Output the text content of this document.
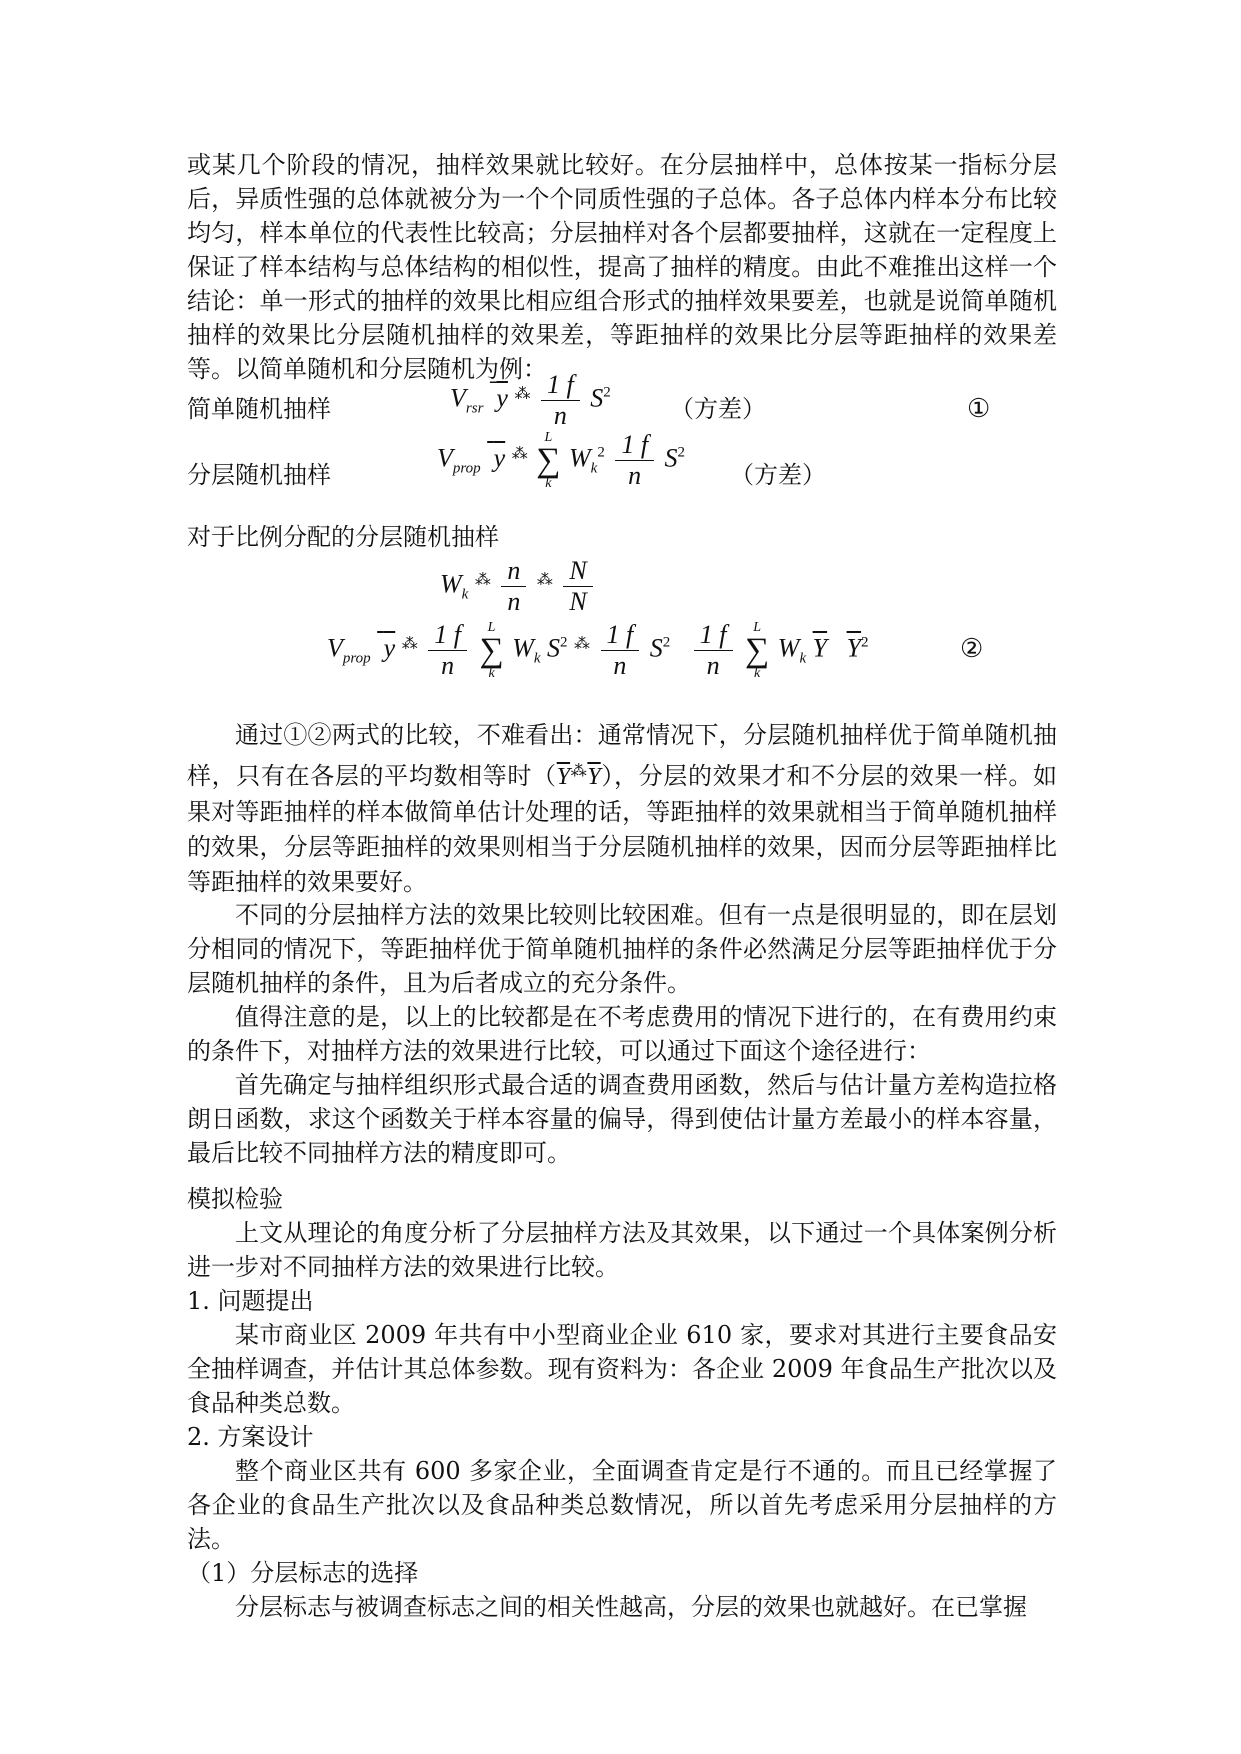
或某几个阶段的情况，抽样效果就比较好。在分层抽样中，总体按某一指标分层后，异质性强的总体就被分为一个个同质性强的子总体。各子总体内样本分布比较均匀，样本单位的代表性比较高；分层抽样对各个层都要抽样，这就在一定程度上保证了样本结构与总体结构的相似性，提高了抽样的精度。由此不难推出这样一个结论：单一形式的抽样的效果比相应组合形式的抽样效果要差，也就是说简单随机抽样的效果比分层随机抽样的效果差，等距抽样的效果比分层等距抽样的效果差等。以简单随机和分层随机为例：

简单随机抽样	$V_{rsr}$ y $^⁂ \frac{1 f}{n} S^2$
（方差）	①
分层随机抽样
$V_{prop}$ y ⁂
L
∑
k
$W_k^2 \frac{1 f}{n} S^2$
（方差）
对于比例分配的分层随机抽样
$W_k$ $^⁂ \frac{n}{n} ^⁂ \frac{N}{N}$
$V_{prop}$ y $^⁂ \frac{1 f}{n}$
	L
∑
k
$W_k$ $S^2$ $^⁂ \frac{1 f}{n} S^2 \frac{1 f}{n}$
	L
∑
k
$W_k$ $\overline{Y}$ $\overline{Y}^2$	②

通过①②两式的比较，不难看出：通常情况下，分层随机抽样优于简单随机抽样，只有在各层的平均数相等时$(\overline{Y}^⁂\overline{Y})$，分层的效果才和不分层的效果一样。如果对等距抽样的样本做简单估计处理的话，等距抽样的效果就相当于简单随机抽样的效果，分层等距抽样的效果则相当于分层随机抽样的效果，因而分层等距抽样比等距抽样的效果要好。

不同的分层抽样方法的效果比较则比较困难。但有一点是很明显的，即在层划分相同的情况下，等距抽样优于简单随机抽样的条件必然满足分层等距抽样优于分层随机抽样的条件，且为后者成立的充分条件。

值得注意的是，以上的比较都是在不考虑费用的情况下进行的，在有费用约束的条件下，对抽样方法的效果进行比较，可以通过下面这个途径进行：

首先确定与抽样组织形式最合适的调查费用函数，然后与估计量方差构造拉格朗日函数，求这个函数关于样本容量的偏导，得到使估计量方差最小的样本容量，最后比较不同抽样方法的精度即可。

模拟检验

上文从理论的角度分析了分层抽样方法及其效果，以下通过一个具体案例分析进一步对不同抽样方法的效果进行比较。

1. 问题提出

某市商业区 2009 年共有中小型商业企业 610 家，要求对其进行主要食品安全抽样调查，并估计其总体参数。现有资料为：各企业 2009 年食品生产批次以及食品种类总数。

2. 方案设计

整个商业区共有 600 多家企业，全面调查肯定是行不通的。而且已经掌握了各企业的食品生产批次以及食品种类总数情况，所以首先考虑采用分层抽样的方法。

（1）分层标志的选择

分层标志与被调查标志之间的相关性越高，分层的效果也就越好。在已掌握
